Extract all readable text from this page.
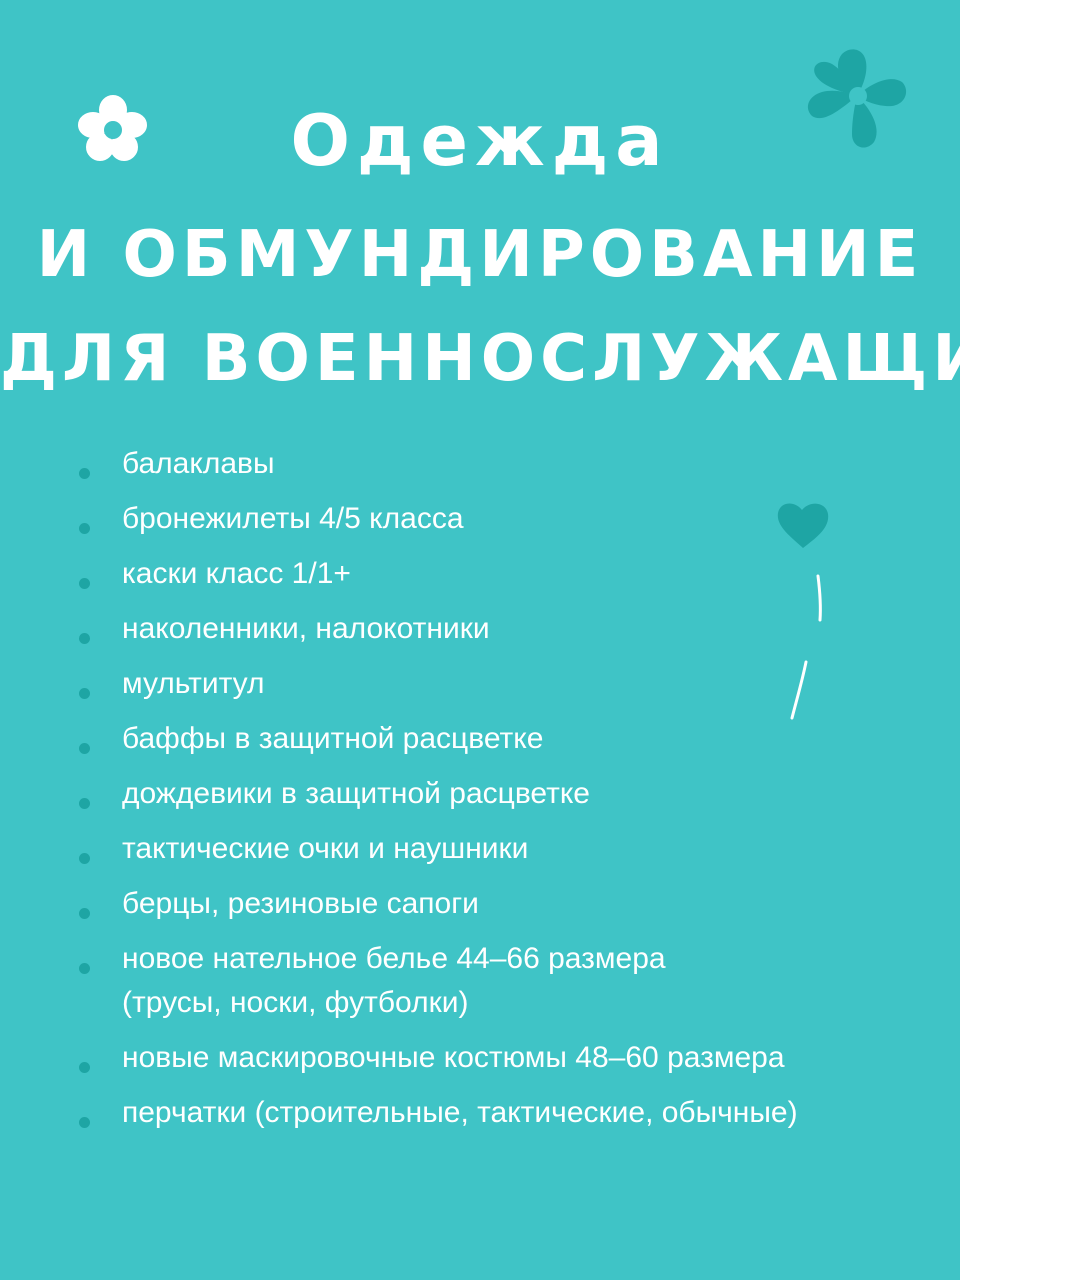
Одежда
И ОБМУНДИРОВАНИЕ
ДЛЯ ВОЕННОСЛУЖАЩИХ:
балаклавы
бронежилеты 4/5 класса
каски класс 1/1+
наколенники, налокотники
мультитул
баффы в защитной расцветке
дождевики в защитной расцветке
тактические очки и наушники
берцы, резиновые сапоги
новое нательное белье 44–66 размера
(трусы, носки, футболки)
новые маскировочные костюмы 48–60 размера
перчатки (строительные, тактические, обычные)
